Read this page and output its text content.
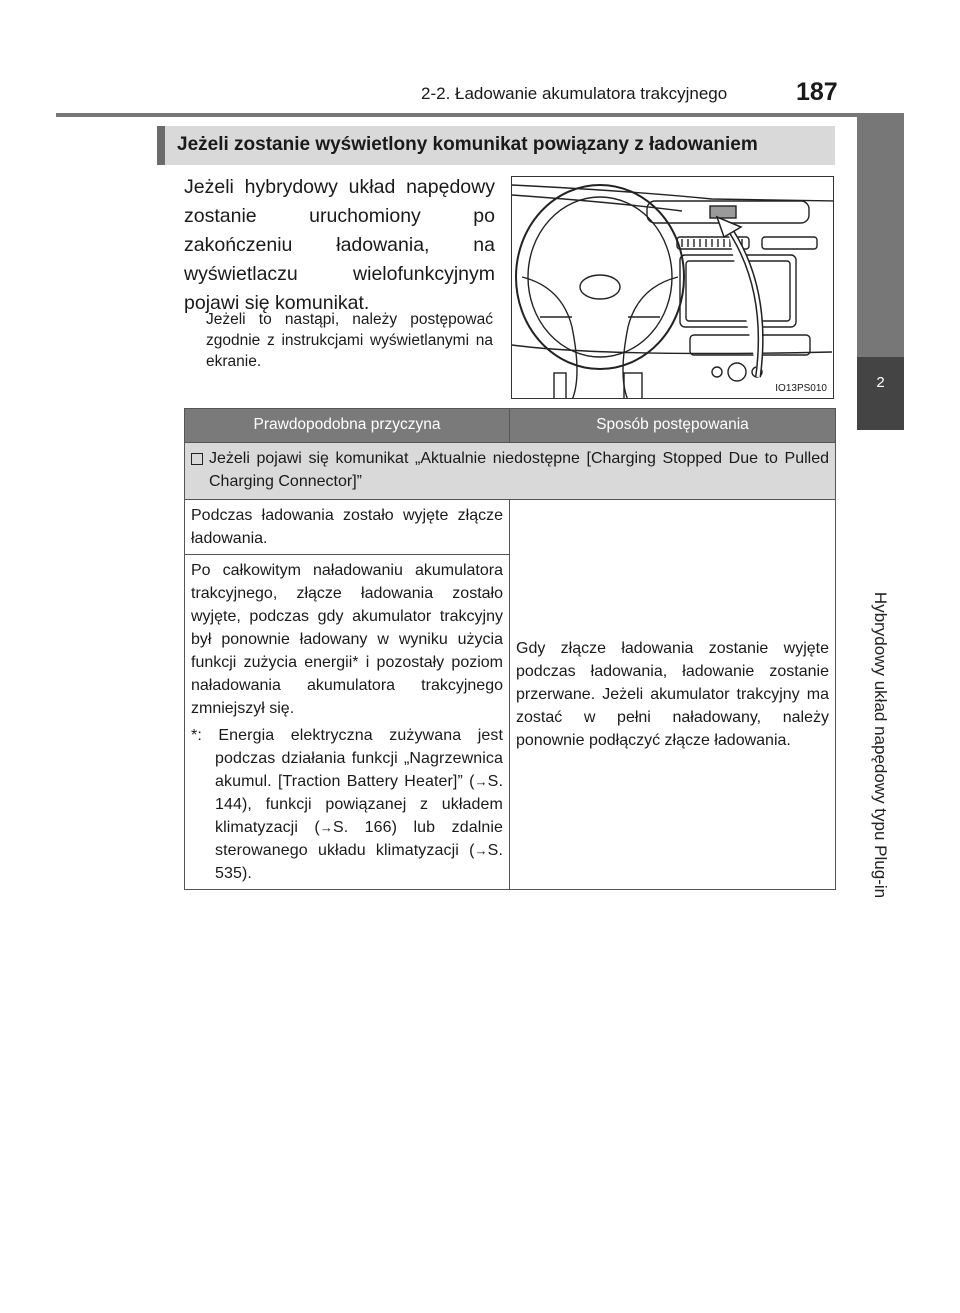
2-2. Ładowanie akumulatora trakcyjnego	187
2
Hybrydowy układ napędowy typu Plug-in
Jeżeli zostanie wyświetlony komunikat powiązany z ładowaniem
Jeżeli hybrydowy układ napędowy zostanie uruchomiony po zakończeniu ładowania, na wyświetlaczu wielofunkcyjnym pojawi się komunikat.
Jeżeli to nastąpi, należy postępować zgodnie z instrukcjami wyświetlanymi na ekranie.
IO13PS010
Prawdopodobna przyczyna	Sposób postępowania

Jeżeli pojawi się komunikat „Aktualnie niedostępne [Charging Stopped Due to Pulled Charging Connector]”	

Podczas ładowania zostało wyjęte złącze ładowania.	Gdy złącze ładowania zostanie wyjęte podczas ładowania, ładowanie zostanie przerwane. Jeżeli akumulator trakcyjny ma zostać w pełni naładowany, należy ponownie podłączyć złącze ładowania.

Po całkowitym naładowaniu akumulatora trakcyjnego, złącze ładowania zostało wyjęte, podczas gdy akumulator trakcyjny był ponownie ładowany w wyniku użycia funkcji zużycia energii* i pozostały poziom naładowania akumulatora trakcyjnego zmniejszył się.
*: Energia elektryczna zużywana jest podczas działania funkcji „Nagrzewnica akumul. [Traction Battery Heater]” (→S. 144), funkcji powiązanej z układem klimatyzacji (→S. 166) lub zdalnie sterowanego układu klimatyzacji (→S. 535).	
